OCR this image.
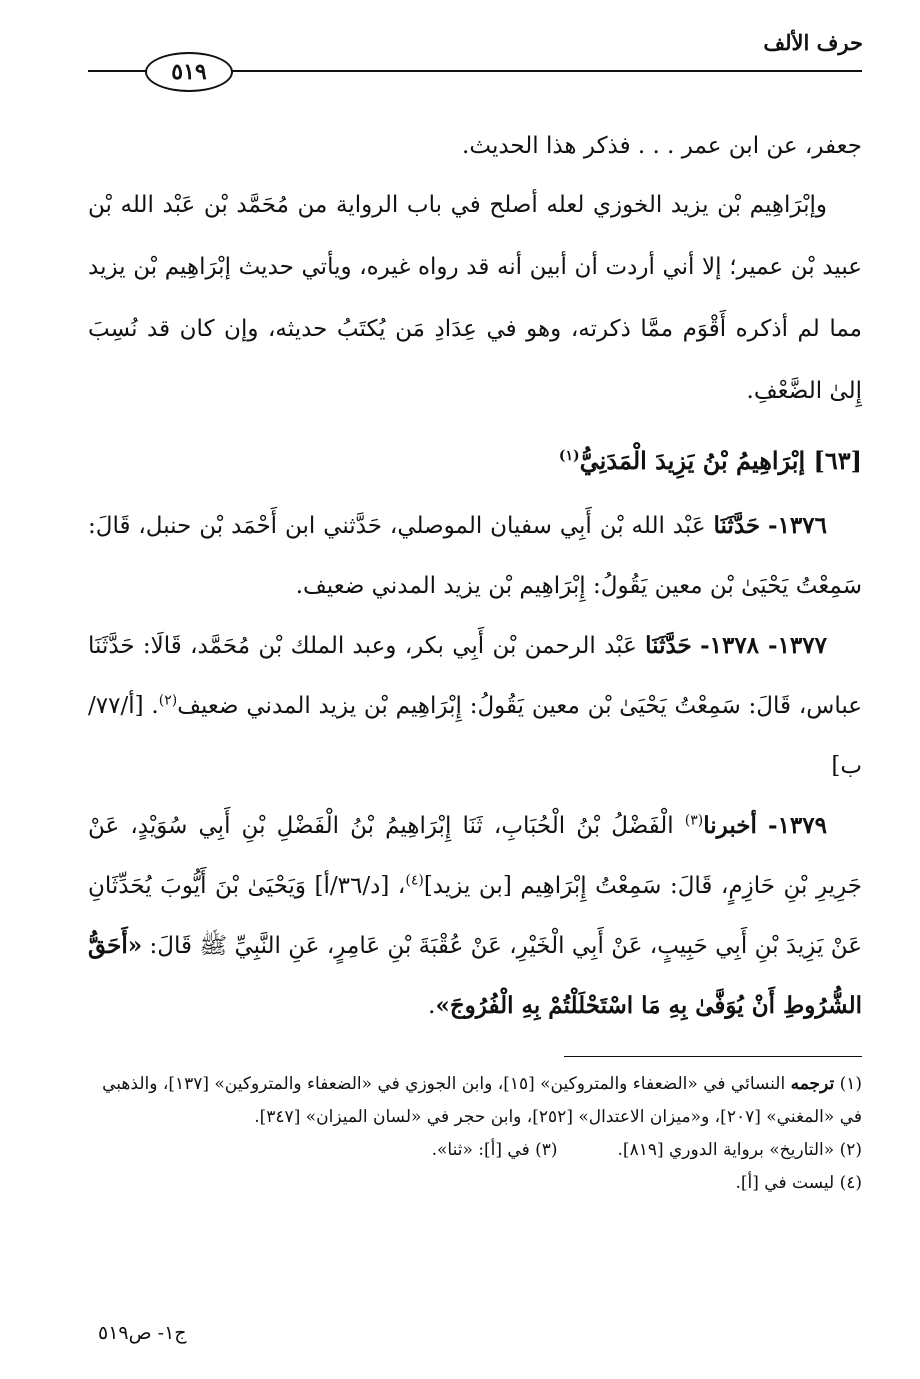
حرف الألف
٥١٩

جعفر، عن ابن عمر . . . فذكر هذا الحديث.

وإبْرَاهِيم بْن يزيد الخوزي لعله أصلح في باب الرواية من مُحَمَّد بْن عَبْد الله بْن عبيد بْن عمير؛ إلا أني أردت أن أبين أنه قد رواه غيره، ويأتي حديث إبْرَاهِيم بْن يزيد مما لم أذكره أَقْوَم ممَّا ذكرته، وهو في عِدَادِ مَن يُكتَبُ حديثه، وإن كان قد نُسِبَ إِلىٰ الضَّعْفِ.

[٦٣] إبْرَاهِيمُ بْنُ يَزِيدَ الْمَدَنِيُّ$^{(١)}$

١٣٧٦- حَدَّثَنَا عَبْد الله بْن أَبِي سفيان الموصلي، حَدَّثني ابن أَحْمَد بْن حنبل، قَالَ: سَمِعْتُ يَحْيَىٰ بْن معين يَقُولُ: إِبْرَاهِيم بْن يزيد المدني ضعيف.

١٣٧٧- ١٣٧٨- حَدَّثَنَا عَبْد الرحمن بْن أَبِي بكر، وعبد الملك بْن مُحَمَّد، قَالَا: حَدَّثَنَا عباس، قَالَ: سَمِعْتُ يَحْيَىٰ بْن معين يَقُولُ: إِبْرَاهِيم بْن يزيد المدني ضعيف$^{(٢)}$. [أ/٧٧/ب]

١٣٧٩- أخبرنا$^{(٣)}$ الْفَضْلُ بْنُ الْحُبَابِ، ثَنَا إِبْرَاهِيمُ بْنُ الْفَضْلِ بْنِ أَبِي سُوَيْدٍ، عَنْ جَرِيرِ بْنِ حَازِمٍ، قَالَ: سَمِعْتُ إِبْرَاهِيم [بن يزيد]$^{(٤)}$، [د/٣٦/أ] وَيَحْيَىٰ بْنَ أَيُّوبَ يُحَدِّثَانِ عَنْ يَزِيدَ بْنِ أَبِي حَبِيبٍ، عَنْ أَبِي الْخَيْرِ، عَنْ عُقْبَةَ بْنِ عَامِرٍ، عَنِ النَّبِيِّ ﷺ قَالَ: «أَحَقُّ الشُّرُوطِ أَنْ يُوَفَّىٰ بِهِ مَا اسْتَحْلَلْتُمْ بِهِ الْفُرُوجَ».

(١) ترجمه النسائي في «الضعفاء والمتروكين» [١٥]، وابن الجوزي في «الضعفاء والمتروكين» [١٣٧]، والذهبي في «المغني» [٢٠٧]، و«ميزان الاعتدال» [٢٥٢]، وابن حجر في «لسان الميزان» [٣٤٧].

(٢) «التاريخ» برواية الدوري [٨١٩].
(٣) في [أ]: «ثنا».

(٤) ليست في [أ].

ج١- ص٥١٩
